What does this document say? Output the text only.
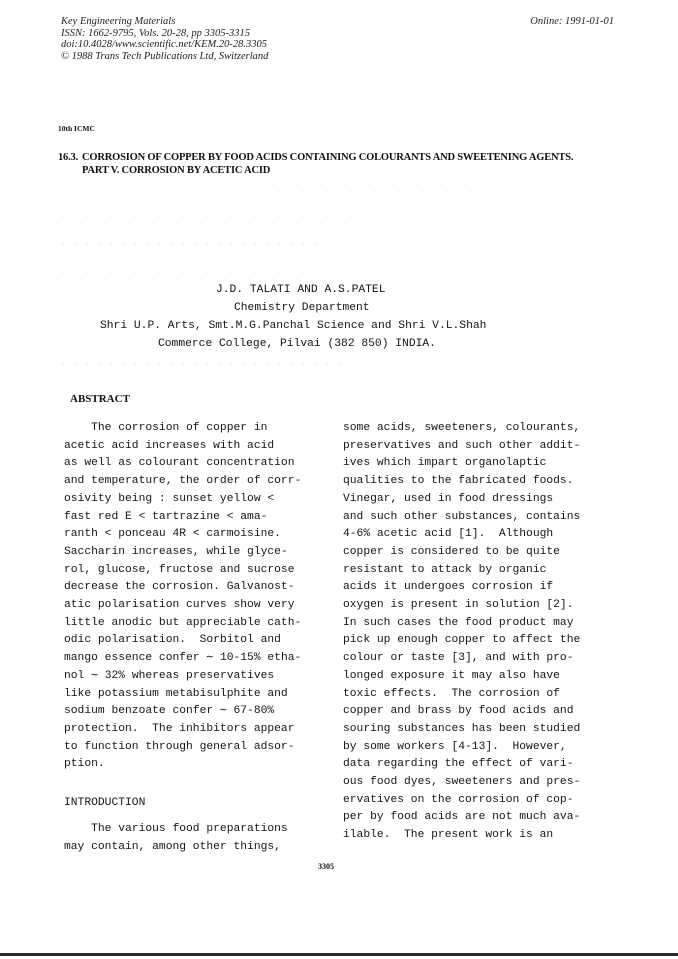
Key Engineering Materials
ISSN: 1662-9795, Vols. 20-28, pp 3305-3315
doi:10.4028/www.scientific.net/KEM.20-28.3305
© 1988 Trans Tech Publications Ltd, Switzerland
Online: 1991-01-01
· · · · · · · · · · · · · · · · · ·
· · · · · · · · · · · · · · · · · · · · · · · · · ·
· · · · · · · · · · · · · · · · · · · · · ·
· · · · · · · · · · · · · · · · · · · · ·
· · · · · · · · · · · · · · · · · · · · · · · ·
10th ICMC
16.3. CORROSION OF COPPER BY FOOD ACIDS CONTAINING COLOURANTS AND SWEETENING AGENTS.
PART V. CORROSION BY ACETIC ACID
J.D. TALATI AND A.S.PATEL
Chemistry Department
Shri U.P. Arts, Smt.M.G.Panchal Science and Shri V.L.Shah
Commerce College, Pilvai (382 850) INDIA.
ABSTRACT
The corrosion of copper in
acetic acid increases with acid
as well as colourant concentration
and temperature, the order of corr-
osivity being : sunset yellow <
fast red E < tartrazine < ama-
ranth < ponceau 4R < carmoisine.
Saccharin increases, while glyce-
rol, glucose, fructose and sucrose
decrease the corrosion. Galvanost-
atic polarisation curves show very
little anodic but appreciable cath-
odic polarisation.  Sorbitol and
mango essence confer ∼ 10-15% etha-
nol ∼ 32% whereas preservatives
like potassium metabisulphite and
sodium benzoate confer ∼ 67-80%
protection.  The inhibitors appear
to function through general adsor-
ption.
INTRODUCTION
The various food preparations
may contain, among other things,
some acids, sweeteners, colourants,
preservatives and such other addit-
ives which impart organolaptic
qualities to the fabricated foods.
Vinegar, used in food dressings
and such other substances, contains
4-6% acetic acid [1].  Although
copper is considered to be quite
resistant to attack by organic
acids it undergoes corrosion if
oxygen is present in solution [2].
In such cases the food product may
pick up enough copper to affect the
colour or taste [3], and with pro-
longed exposure it may also have
toxic effects.  The corrosion of
copper and brass by food acids and
souring substances has been studied
by some workers [4-13].  However,
data regarding the effect of vari-
ous food dyes, sweeteners and pres-
ervatives on the corrosion of cop-
per by food acids are not much ava-
ilable.  The present work is an
3305
